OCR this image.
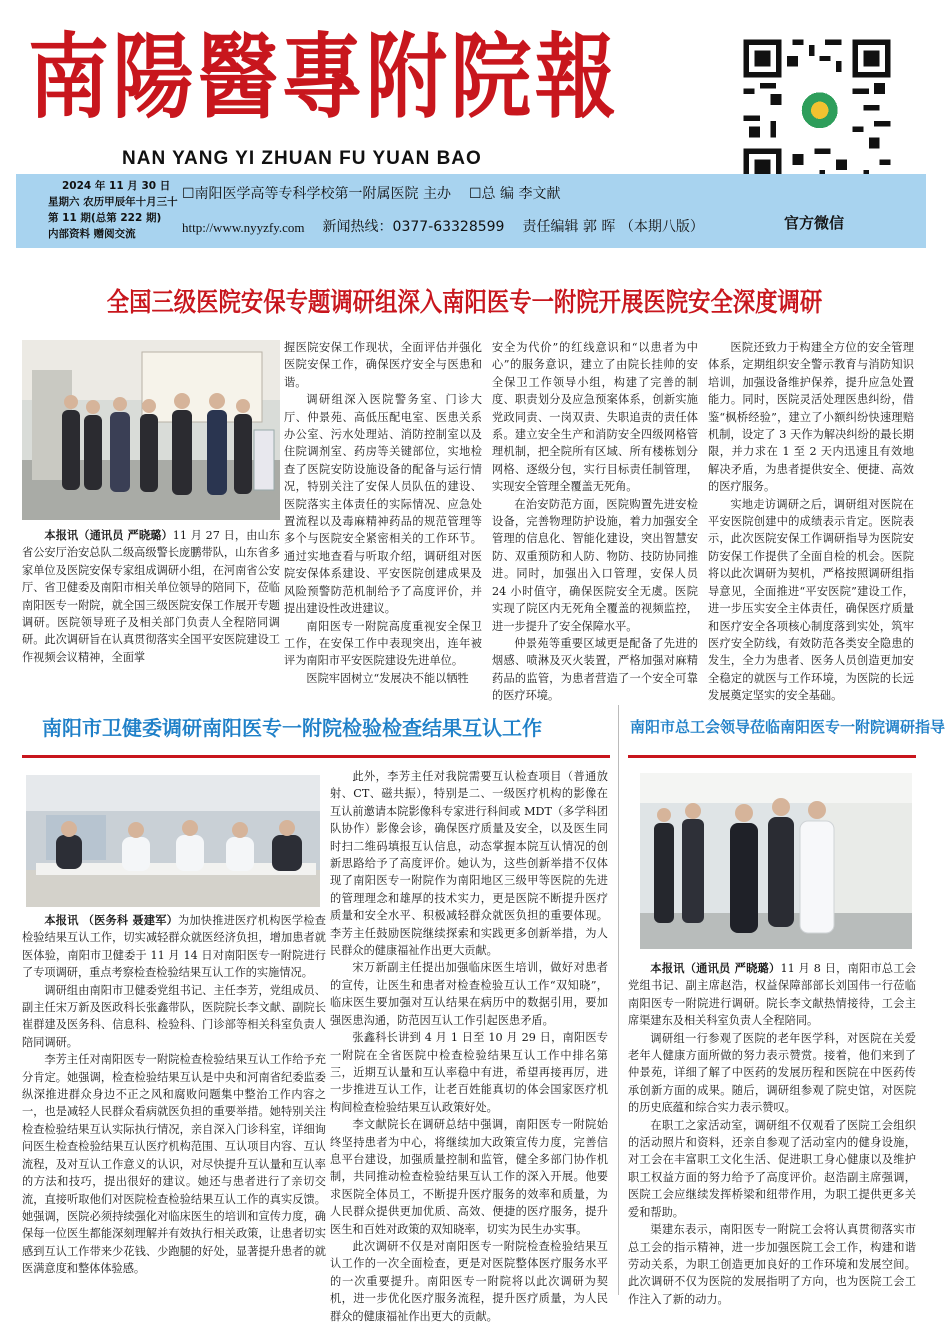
南陽醫專附院報
NAN YANG YI ZHUAN FU YUAN BAO
2024 年 11 月 30 日
星期六 农历甲辰年十月三十
第 11 期(总第 222 期)
内部资料 赠阅交流
☐南阳医学高等专科学校第一附属医院 主办 ☐总 编 李文献
http://www.nyyzfy.com 新闻热线：0377-63328599 责任编辑 郭 晖 （本期八版）	官方微信
全国三级医院安保专题调研组深入南阳医专一附院开展医院安全深度调研

本报讯（通讯员 严晓璐）11 月 27 日，由山东省公安厅治安总队二级高级警长庞鹏带队，山东省多家单位及医院安保专家组成调研小组，在河南省公安厅、省卫健委及南阳市相关单位领导的陪同下，莅临南阳医专一附院，就全国三级医院安保工作展开专题调研。医院领导班子及相关部门负责人全程陪同调研。此次调研旨在认真贯彻落实全国平安医院建设工作视频会议精神，全面掌

握医院安保工作现状，全面评估并强化医院安保工作，确保医疗安全与医患和谐。

调研组深入医院警务室、门诊大厅、仲景苑、高低压配电室、医患关系办公室、污水处理站、消防控制室以及住院调剂室、药房等关键部位，实地检查了医院安防设施设备的配备与运行情况，特别关注了安保人员队伍的建设、医院落实主体责任的实际情况、应急处置流程以及毒麻精神药品的规范管理等多个与医院安全紧密相关的工作环节。通过实地查看与听取介绍，调研组对医院安保体系建设、平安医院创建成果及风险预警防范机制给予了高度评价，并提出建设性改进建议。

南阳医专一附院高度重视安全保卫工作，在安保工作中表现突出，连年被评为南阳市平安医院建设先进单位。

医院牢固树立“发展决不能以牺牲

安全为代价”的红线意识和“以患者为中心”的服务意识，建立了由院长挂帅的安全保卫工作领导小组，构建了完善的制度、职责划分及应急预案体系，创新实施党政同责、一岗双责、失职追责的责任体系。建立安全生产和消防安全四级网格管理机制，把全院所有区域、所有楼栋划分网格、逐级分包，实行目标责任制管理，实现安全管理全覆盖无死角。

在治安防范方面，医院购置先进安检设备，完善物理防护设施，着力加强安全管理的信息化、智能化建设，突出智慧安防、双重预防和人防、物防、技防协同推进。同时，加强出入口管理，安保人员 24 小时值守，确保医院安全无虞。医院实现了院区内无死角全覆盖的视频监控，进一步提升了安全保障水平。

仲景苑等重要区域更是配备了先进的烟感、喷淋及灭火装置，严格加强对麻精药品的监管，为患者营造了一个安全可靠的医疗环境。

医院还致力于构建全方位的安全管理体系，定期组织安全警示教育与消防知识培训，加强设备维护保养，提升应急处置能力。同时，医院灵活处理医患纠纷，借鉴“枫桥经验”，建立了小额纠纷快速理赔机制，设定了 3 天作为解决纠纷的最长期限，并力求在 1 至 2 天内迅速且有效地解决矛盾，为患者提供安全、便捷、高效的医疗服务。

实地走访调研之后，调研组对医院在平安医院创建中的成绩表示肯定。医院表示，此次医院安保工作调研指导为医院安防安保工作提供了全面自检的机会。医院将以此次调研为契机，严格按照调研组指导意见，全面推进“平安医院”建设工作，进一步压实安全主体责任，确保医疗质量和医疗安全各项核心制度落到实处，筑牢医疗安全防线，有效防范各类安全隐患的发生，全力为患者、医务人员创造更加安全稳定的就医与工作环境，为医院的长远发展奠定坚实的安全基础。

南阳市卫健委调研南阳医专一附院检验检查结果互认工作

本报讯 （医务科 聂建军）为加快推进医疗机构医学检查检验结果互认工作，切实减轻群众就医经济负担，增加患者就医体验，南阳市卫健委于 11 月 14 日对南阳医专一附院进行了专项调研，重点考察检查检验结果互认工作的实施情况。

调研组由南阳市卫健委党组书记、主任李芳，党组成员、副主任宋万新及医政科长张鑫带队，医院院长李文献、副院长崔群建及医务科、信息科、检验科、门诊部等相关科室负责人陪同调研。

李芳主任对南阳医专一附院检查检验结果互认工作给予充分肯定。她强调，检查检验结果互认是中央和河南省纪委监委纵深推进群众身边不正之风和腐败问题集中整治工作内容之一，也是减轻人民群众看病就医负担的重要举措。她特别关注检查检验结果互认实际执行情况，亲自深入门诊科室，详细询问医生检查检验结果互认医疗机构范围、互认项目内容、互认流程，及对互认工作意义的认识，对尽快提升互认量和互认率的方法和技巧，提出很好的建议。她还与患者进行了亲切交流，直接听取他们对医院检查检验结果互认工作的真实反馈。她强调，医院必须持续强化对临床医生的培训和宣传力度，确保每一位医生都能深刻理解并有效执行相关政策，让患者切实感到互认工作带来少花钱、少跑腿的好处，显著提升患者的就医满意度和整体体验感。

此外，李芳主任对我院需要互认检查项目（普通放射、CT、磁共振），特别是二、一级医疗机构的影像在互认前邀请本院影像科专家进行科间或 MDT（多学科团队协作）影像会诊，确保医疗质量及安全，以及医生同时扫二维码填报互认信息，动态掌握本院互认情况的创新思路给予了高度评价。她认为，这些创新举措不仅体现了南阳医专一附院作为南阳地区三级甲等医院的先进的管理理念和雄厚的技术实力，更是医院不断提升医疗质量和安全水平、积极减轻群众就医负担的重要体现。李芳主任鼓励医院继续探索和实践更多创新举措，为人民群众的健康福祉作出更大贡献。

宋万新副主任提出加强临床医生培训，做好对患者的宣传，让医生和患者对检查检验互认工作“双知晓”，临床医生要加强对互认结果在病历中的数据引用，要加强医患沟通，防范因互认工作引起医患矛盾。

张鑫科长讲到 4 月 1 日至 10 月 29 日，南阳医专一附院在全省医院中检查检验结果互认工作中排名第三，近期互认量和互认率稳中有进，希望再接再厉，进一步推进互认工作，让老百姓能真切的体会国家医疗机构间检查检验结果互认政策好处。

李文献院长在调研总结中强调，南阳医专一附院始终坚持患者为中心，将继续加大政策宣传力度，完善信息平台建设，加强质量控制和监管，健全多部门协作机制，共同推动检查检验结果互认工作的深入开展。他要求医院全体员工，不断提升医疗服务的效率和质量，为人民群众提供更加优质、高效、便捷的医疗服务，提升医生和百姓对政策的双知晓率，切实为民生办实事。

此次调研不仅是对南阳医专一附院检查检验结果互认工作的一次全面检查，更是对医院整体医疗服务水平的一次重要提升。南阳医专一附院将以此次调研为契机，进一步优化医疗服务流程，提升医疗质量，为人民群众的健康福祉作出更大的贡献。

南阳市总工会领导莅临南阳医专一附院调研指导

本报讯（通讯员 严晓璐）11 月 8 日，南阳市总工会党组书记、副主席赵浩，权益保障部部长刘国伟一行莅临南阳医专一附院进行调研。院长李文献热情接待，工会主席渠建东及相关科室负责人全程陪同。

调研组一行参观了医院的老年医学科，对医院在关爱老年人健康方面所做的努力表示赞赏。接着，他们来到了仲景苑，详细了解了中医药的发展历程和医院在中医药传承创新方面的成果。随后，调研组参观了院史馆，对医院的历史底蕴和综合实力表示赞叹。

在职工之家活动室，调研组不仅观看了医院工会组织的活动照片和资料，还亲自参观了活动室内的健身设施，对工会在丰富职工文化生活、促进职工身心健康以及维护职工权益方面的努力给予了高度评价。赵浩副主席强调，医院工会应继续发挥桥梁和纽带作用，为职工提供更多关爱和帮助。

渠建东表示，南阳医专一附院工会将认真贯彻落实市总工会的指示精神，进一步加强医院工会工作，构建和谐劳动关系，为职工创造更加良好的工作环境和发展空间。此次调研不仅为医院的发展指明了方向，也为医院工会工作注入了新的动力。
